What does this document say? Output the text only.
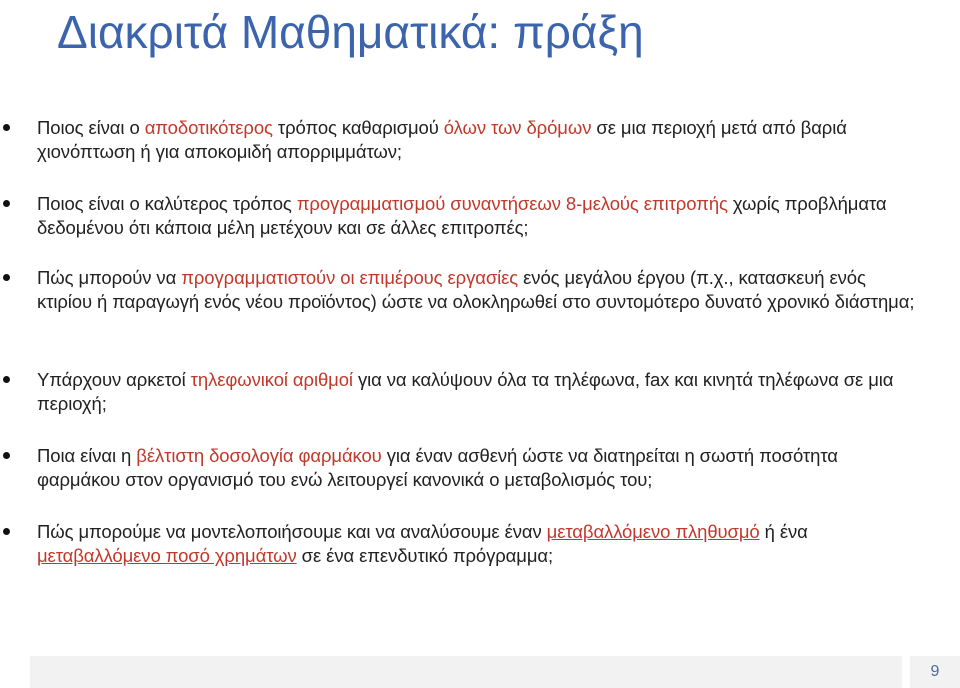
Διακριτά Μαθηματικά: πράξη

Ποιος είναι ο αποδοτικότερος τρόπος καθαρισμού όλων των δρόμων σε μια περιοχή μετά από βαριά χιονόπτωση ή για αποκομιδή απορριμμάτων;

Ποιος είναι ο καλύτερος τρόπος προγραμματισμού συναντήσεων 8-μελούς επιτροπής χωρίς προβλήματα δεδομένου ότι κάποια μέλη μετέχουν και σε άλλες επιτροπές;

Πώς μπορούν να προγραμματιστούν οι επιμέρους εργασίες ενός μεγάλου έργου (π.χ., κατασκευή ενός κτιρίου ή παραγωγή ενός νέου προϊόντος) ώστε να ολοκληρωθεί στο συντομότερο δυνατό χρονικό διάστημα;

Υπάρχουν αρκετοί τηλεφωνικοί αριθμοί για να καλύψουν όλα τα τηλέφωνα, fax και κινητά τηλέφωνα σε μια περιοχή;

Ποια είναι η βέλτιστη δοσολογία φαρμάκου για έναν ασθενή ώστε να διατηρείται η σωστή ποσότητα φαρμάκου στον οργανισμό του ενώ λειτουργεί κανονικά ο μεταβολισμός του;

Πώς μπορούμε να μοντελοποιήσουμε και να αναλύσουμε έναν μεταβαλλόμενο πληθυσμό ή ένα μεταβαλλόμενο ποσό χρημάτων σε ένα επενδυτικό πρόγραμμα;

9
